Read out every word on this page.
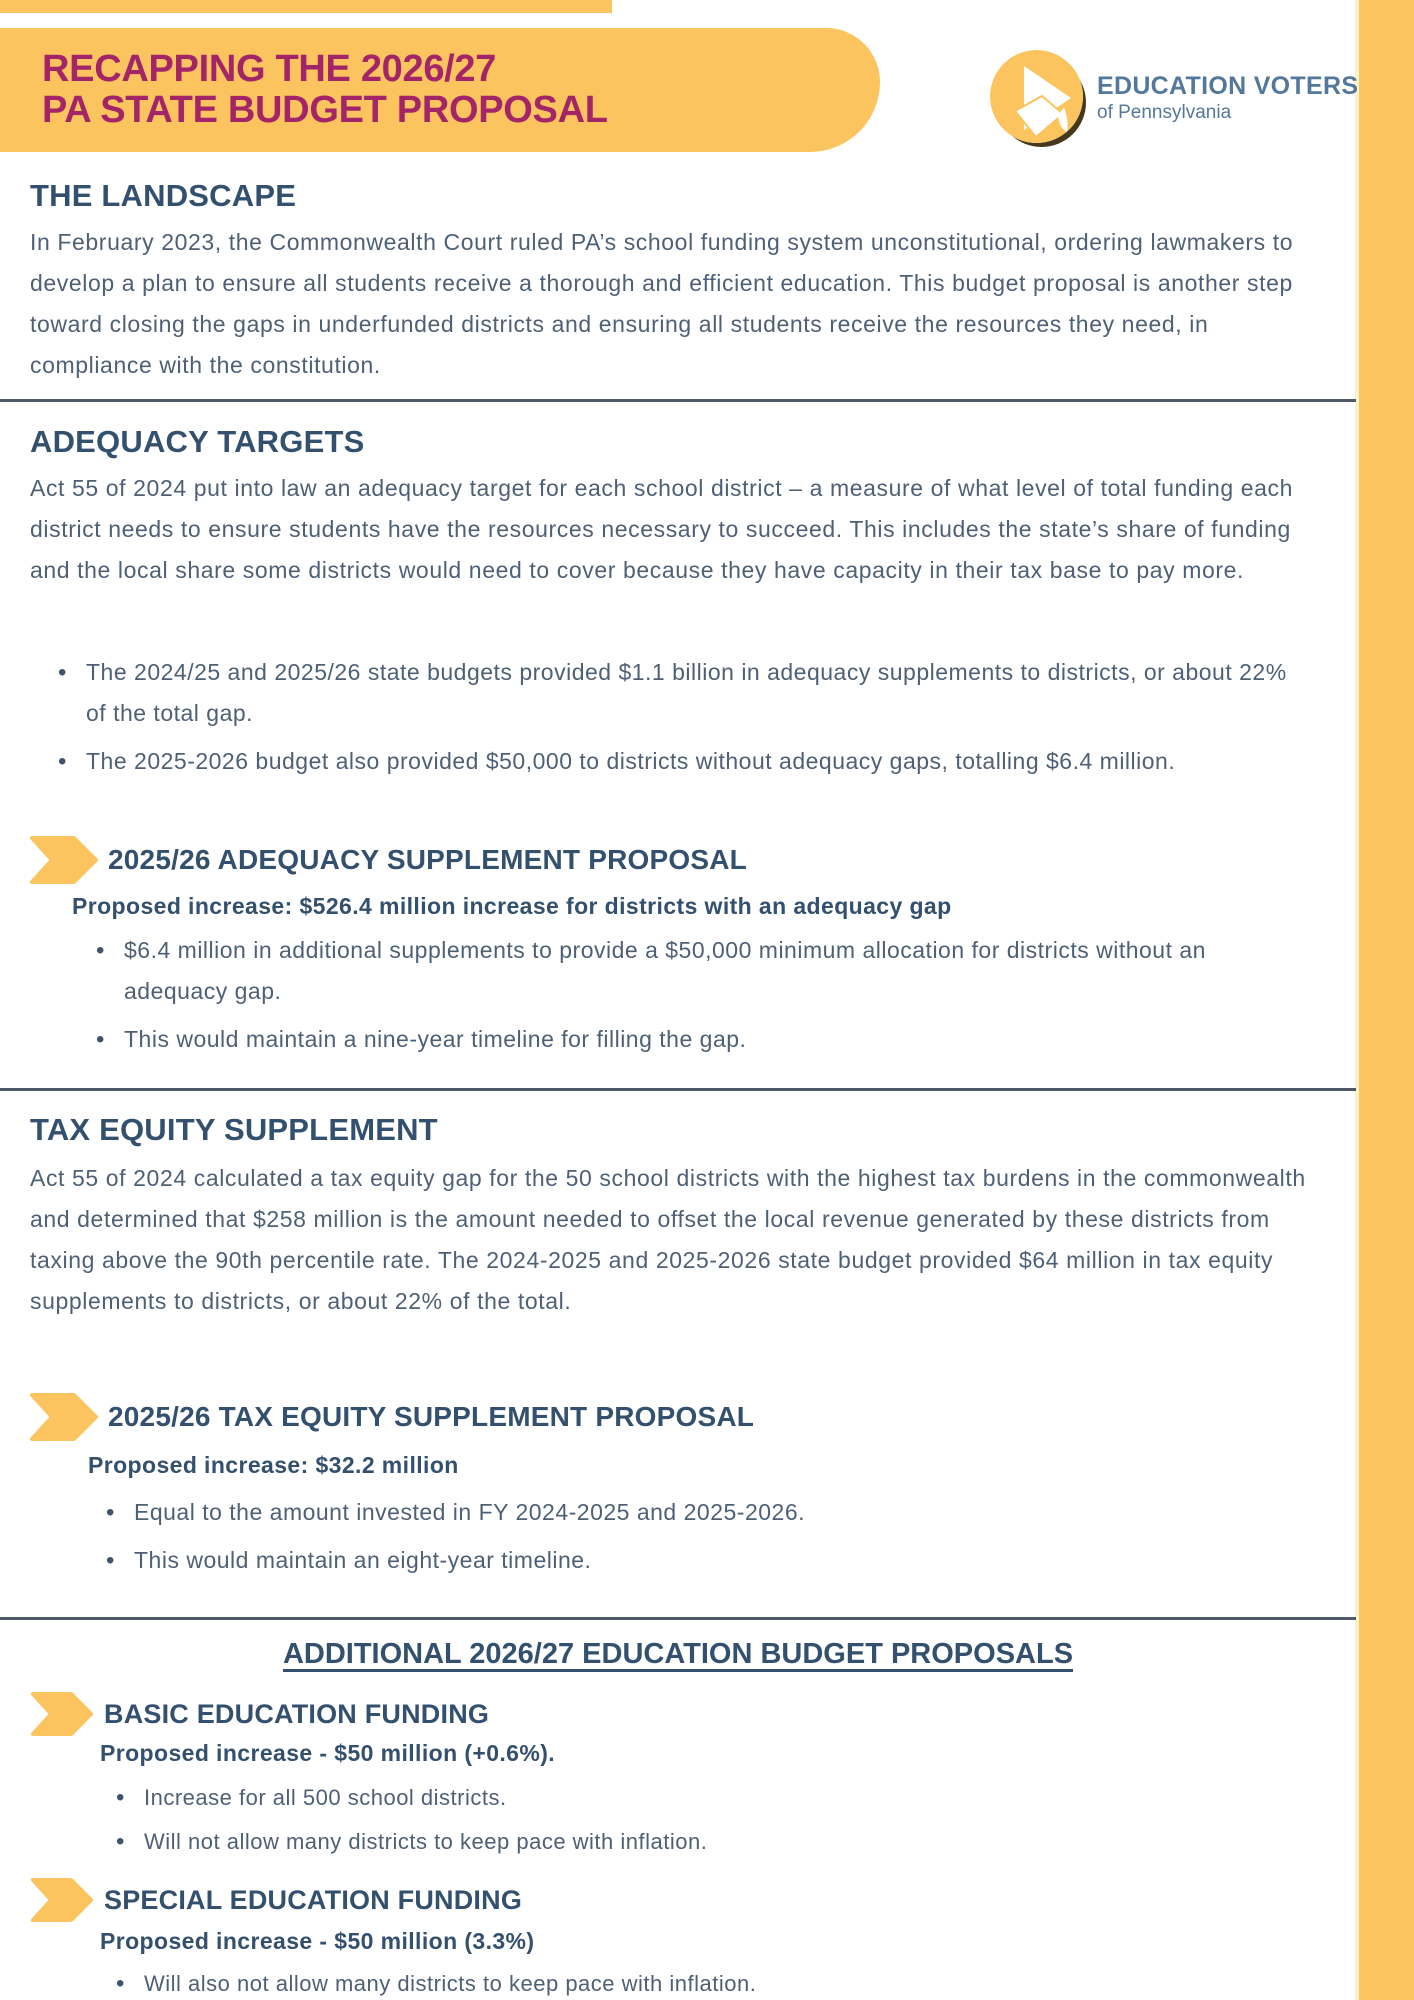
RECAPPING THE 2026/27
PA STATE BUDGET PROPOSAL
EDUCATION VOTERS
of Pennsylvania
THE LANDSCAPE
In February 2023, the Commonwealth Court ruled PA’s school funding system unconstitutional, ordering lawmakers to develop a plan to ensure all students receive a thorough and efficient education. This budget proposal is another step toward closing the gaps in underfunded districts and ensuring all students receive the resources they need, in compliance with the constitution.
ADEQUACY TARGETS
Act 55 of 2024 put into law an adequacy target for each school district – a measure of what level of total funding each district needs to ensure students have the resources necessary to succeed. This includes the state’s share of funding and the local share some districts would need to cover because they have capacity in their tax base to pay more.
• The 2024/25 and 2025/26 state budgets provided $1.1 billion in adequacy supplements to districts, or about 22% of the total gap.
• The 2025-2026 budget also provided $50,000 to districts without adequacy gaps, totalling $6.4 million.
2025/26 ADEQUACY SUPPLEMENT PROPOSAL
Proposed increase: $526.4 million increase for districts with an adequacy gap
• $6.4 million in additional supplements to provide a $50,000 minimum allocation for districts without an adequacy gap.
• This would maintain a nine-year timeline for filling the gap.
TAX EQUITY SUPPLEMENT
Act 55 of 2024 calculated a tax equity gap for the 50 school districts with the highest tax burdens in the commonwealth and determined that $258 million is the amount needed to offset the local revenue generated by these districts from taxing above the 90th percentile rate. The 2024-2025 and 2025-2026 state budget provided $64 million in tax equity supplements to districts, or about 22% of the total.
2025/26 TAX EQUITY SUPPLEMENT PROPOSAL
Proposed increase: $32.2 million
• Equal to the amount invested in FY 2024-2025 and 2025-2026.
• This would maintain an eight-year timeline.
ADDITIONAL 2026/27 EDUCATION BUDGET PROPOSALS
BASIC EDUCATION FUNDING
Proposed increase - $50 million (+0.6%).
• Increase for all 500 school districts.
• Will not allow many districts to keep pace with inflation.
SPECIAL EDUCATION FUNDING
Proposed increase - $50 million (3.3%)
• Will also not allow many districts to keep pace with inflation.
